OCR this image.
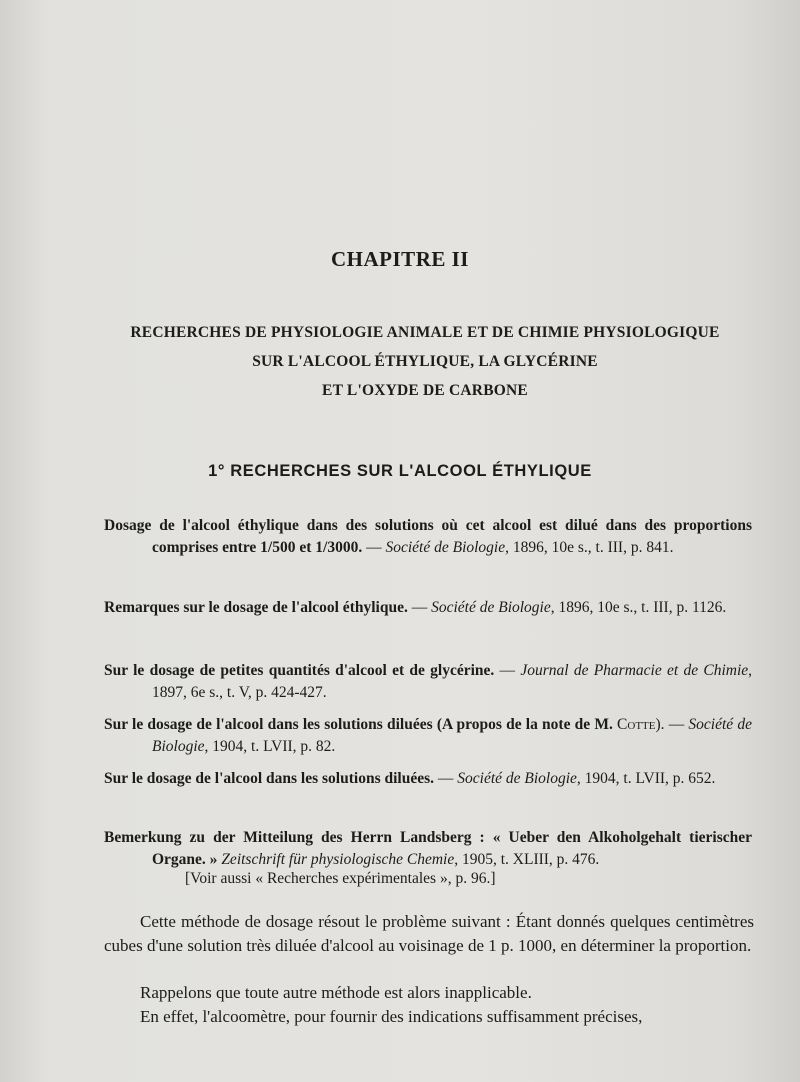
CHAPITRE II
RECHERCHES DE PHYSIOLOGIE ANIMALE ET DE CHIMIE PHYSIOLOGIQUE
SUR L'ALCOOL ÉTHYLIQUE, LA GLYCÉRINE
ET L'OXYDE DE CARBONE
1° RECHERCHES SUR L'ALCOOL ÉTHYLIQUE
Dosage de l'alcool éthylique dans des solutions où cet alcool est dilué dans des proportions comprises entre 1/500 et 1/3000. — Société de Biologie, 1896, 10e s., t. III, p. 841.
Remarques sur le dosage de l'alcool éthylique. — Société de Biologie, 1896, 10e s., t. III, p. 1126.
Sur le dosage de petites quantités d'alcool et de glycérine. — Journal de Pharmacie et de Chimie, 1897, 6e s., t. V, p. 424-427.
Sur le dosage de l'alcool dans les solutions diluées (A propos de la note de M. Cotte). — Société de Biologie, 1904, t. LVII, p. 82.
Sur le dosage de l'alcool dans les solutions diluées. — Société de Biologie, 1904, t. LVII, p. 652.
Bemerkung zu der Mitteilung des Herrn Landsberg : « Ueber den Alkoholgehalt tierischer Organe. » Zeitschrift für physiologische Chemie, 1905, t. XLIII, p. 476.
[Voir aussi « Recherches expérimentales », p. 96.]
Cette méthode de dosage résout le problème suivant : Étant donnés quelques centimètres cubes d'une solution très diluée d'alcool au voisinage de 1 p. 1000, en déterminer la proportion.
Rappelons que toute autre méthode est alors inapplicable.
En effet, l'alcoomètre, pour fournir des indications suffisamment précises,
